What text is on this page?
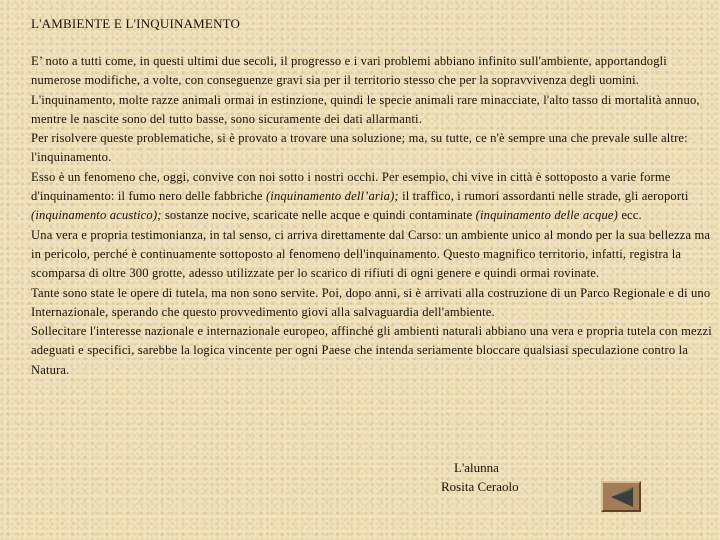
L'AMBIENTE E L'INQUINAMENTO

E’ noto a tutti come, in questi ultimi due secoli, il progresso e i vari problemi abbiano infinito sull'ambiente, apportandogli numerose modifiche, a volte, con conseguenze gravi sia per il territorio stesso che per la sopravvivenza degli uomini. L'inquinamento, molte razze animali ormai in estinzione, quindi le specie animali rare minacciate, l'alto tasso di mortalità annuo, mentre le nascite sono del tutto basse, sono sicuramente dei dati allarmanti.

Per risolvere queste problematiche, si è provato a trovare una soluzione; ma, su tutte, ce n'è sempre una che prevale sulle altre: l'inquinamento.

Esso è un fenomeno che, oggi, convive con noi sotto i nostri occhi. Per esempio, chi vive in città è sottoposto a varie forme d'inquinamento: il fumo nero delle fabbriche (inquinamento dell’aria); il traffico, i rumori assordanti nelle strade, gli aeroporti (inquinamento acustico); sostanze nocive, scaricate nelle acque e quindi contaminate (inquinamento delle acque) ecc.

Una vera e propria testimonianza, in tal senso, ci arriva direttamente dal Carso: un ambiente unico al mondo per la sua bellezza ma in pericolo, perché è continuamente sottoposto al fenomeno dell'inquinamento. Questo magnifico territorio, infatti, registra la scomparsa di oltre 300 grotte, adesso utilizzate per lo scarico di rifiuti di ogni genere e quindi ormai rovinate.

Tante sono state le opere di tutela, ma non sono servite. Poi, dopo anni, si è arrivati alla costruzione di un Parco Regionale e di uno Internazionale, sperando che questo provvedimento giovi alla salvaguardia dell'ambiente.

Sollecitare l'interesse nazionale e internazionale europeo, affinché gli ambienti naturali abbiano una vera e propria tutela con mezzi adeguati e specifici, sarebbe la logica vincente per ogni Paese che intenda seriamente bloccare qualsiasi speculazione contro la Natura.

L'alunna
Rosita Ceraolo
